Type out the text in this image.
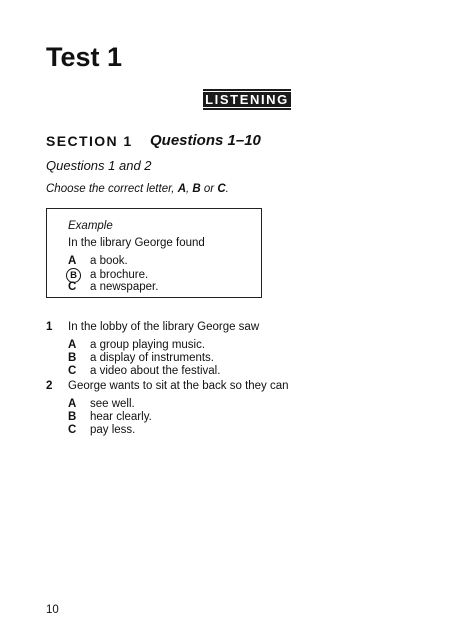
Test 1
LISTENING
SECTION 1 Questions 1–10
Questions 1 and 2
Choose the correct letter, A, B or C.
Example
In the library George found
A	a book.
B	a brochure.
C	a newspaper.
1 In the lobby of the library George saw
A	a group playing music.
B	a display of instruments.
C	a video about the festival.
2 George wants to sit at the back so they can
A	see well.
B	hear clearly.
C	pay less.
10
